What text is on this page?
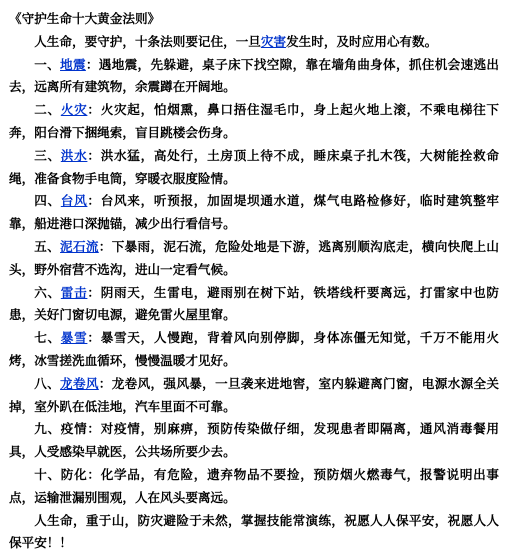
《守护生命十大黄金法则》

人生命，要守护，十条法则要记住，一旦灾害发生时，及时应用心有数。

一、地震：遇地震，先躲避，桌子床下找空隙，靠在墙角曲身体，抓住机会速逃出去，远离所有建筑物，余震蹲在开阔地。

二、火灾：火灾起，怕烟熏，鼻口捂住湿毛巾，身上起火地上滚，不乘电梯往下奔，阳台滑下捆绳索，盲目跳楼会伤身。

三、洪水：洪水猛，高处行，土房顶上待不成，睡床桌子扎木筏，大树能拴救命绳，准备食物手电筒，穿暖衣服度险情。

四、台风：台风来，听预报，加固堤坝通水道，煤气电路检修好，临时建筑整牢靠，船进港口深抛锚，减少出行看信号。

五、泥石流：下暴雨，泥石流，危险处地是下游，逃离别顺沟底走，横向快爬上山头，野外宿营不选沟，进山一定看气候。

六、雷击：阴雨天，生雷电，避雨别在树下站，铁塔线杆要离远，打雷家中也防患，关好门窗切电源，避免雷火屋里窜。

七、暴雪：暴雪天，人慢跑，背着风向别停脚，身体冻僵无知觉，千万不能用火烤，冰雪搓洗血循环，慢慢温暖才见好。

八、龙卷风：龙卷风，强风暴，一旦袭来进地窖，室内躲避离门窗，电源水源全关掉，室外趴在低洼地，汽车里面不可靠。

九、疫情：对疫情，别麻痹，预防传染做仔细，发现患者即隔离，通风消毒餐用具，人受感染早就医，公共场所要少去。

十、防化：化学品，有危险，遗弃物品不要捡，预防烟火燃毒气，报警说明出事点，运输泄漏别围观，人在风头要离远。

人生命，重于山，防灾避险于未然，掌握技能常演练，祝愿人人保平安，祝愿人人 保平安！！
